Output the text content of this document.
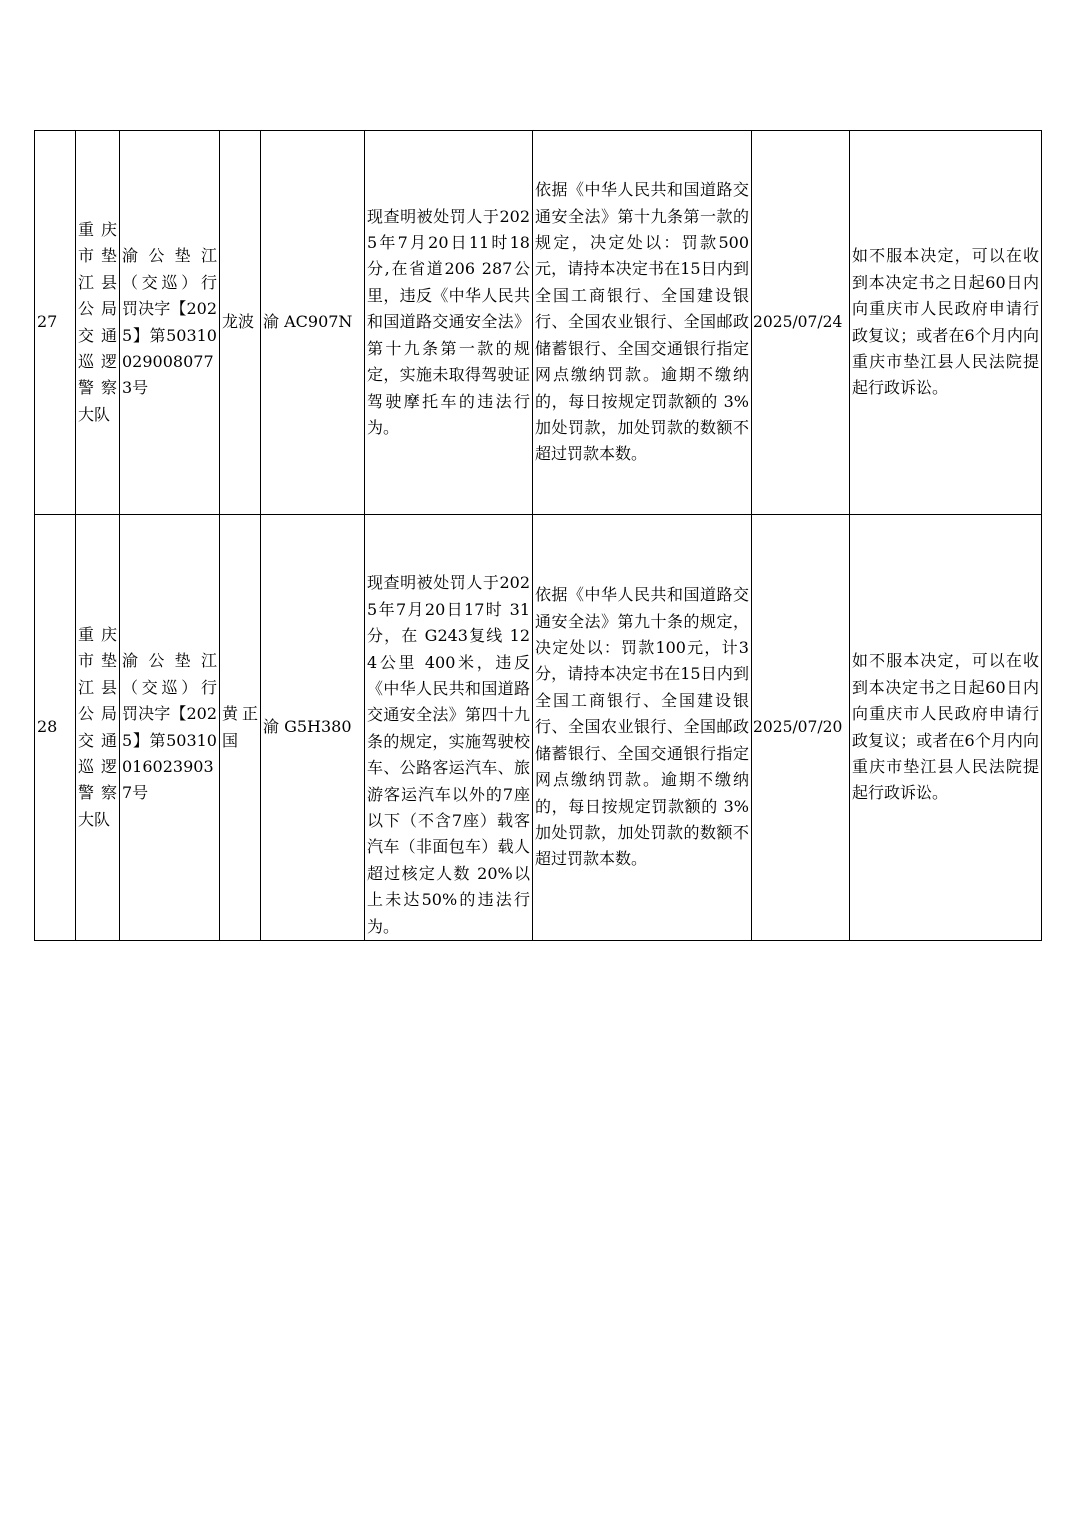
27	重庆市垫江县公局交通巡逻警察大队	渝公垫江（交巡）行罚决字【2025】第503100290080773号	龙波	渝 AC907N	现查明被处罚人于2025年7月20日11时18分,在省道206 287公里，违反《中华人民共和国道路交通安全法》第十九条第一款的规定，实施未取得驾驶证驾驶摩托车的违法行为。	依据《中华人民共和国道路交通安全法》第十九条第一款的规定，决定处以：罚款500元，请持本决定书在15日内到全国工商银行、全国建设银行、全国农业银行、全国邮政储蓄银行、全国交通银行指定网点缴纳罚款。逾期不缴纳的，每日按规定罚款额的 3%加处罚款，加处罚款的数额不超过罚款本数。	2025/07/24	如不服本决定，可以在收到本决定书之日起60日内向重庆市人民政府申请行政复议；或者在6个月内向重庆市垫江县人民法院提起行政诉讼。
28	重庆市垫江县公局交通巡逻警察大队	渝公垫江（交巡）行罚决字【2025】第503100160239037号	黄正国	渝 G5H380	现查明被处罚人于2025年7月20日17时 31 分，在 G243复线 124公里 400米，违反《中华人民共和国道路交通安全法》第四十九条的规定，实施驾驶校车、公路客运汽车、旅游客运汽车以外的7座以下（不含7座）载客汽车（非面包车）载人超过核定人数 20%以上未达50%的违法行为。	依据《中华人民共和国道路交通安全法》第九十条的规定，决定处以：罚款100元，计3分，请持本决定书在15日内到全国工商银行、全国建设银行、全国农业银行、全国邮政储蓄银行、全国交通银行指定网点缴纳罚款。逾期不缴纳的，每日按规定罚款额的 3%加处罚款，加处罚款的数额不超过罚款本数。	2025/07/20	如不服本决定，可以在收到本决定书之日起60日内向重庆市人民政府申请行政复议；或者在6个月内向重庆市垫江县人民法院提起行政诉讼。
